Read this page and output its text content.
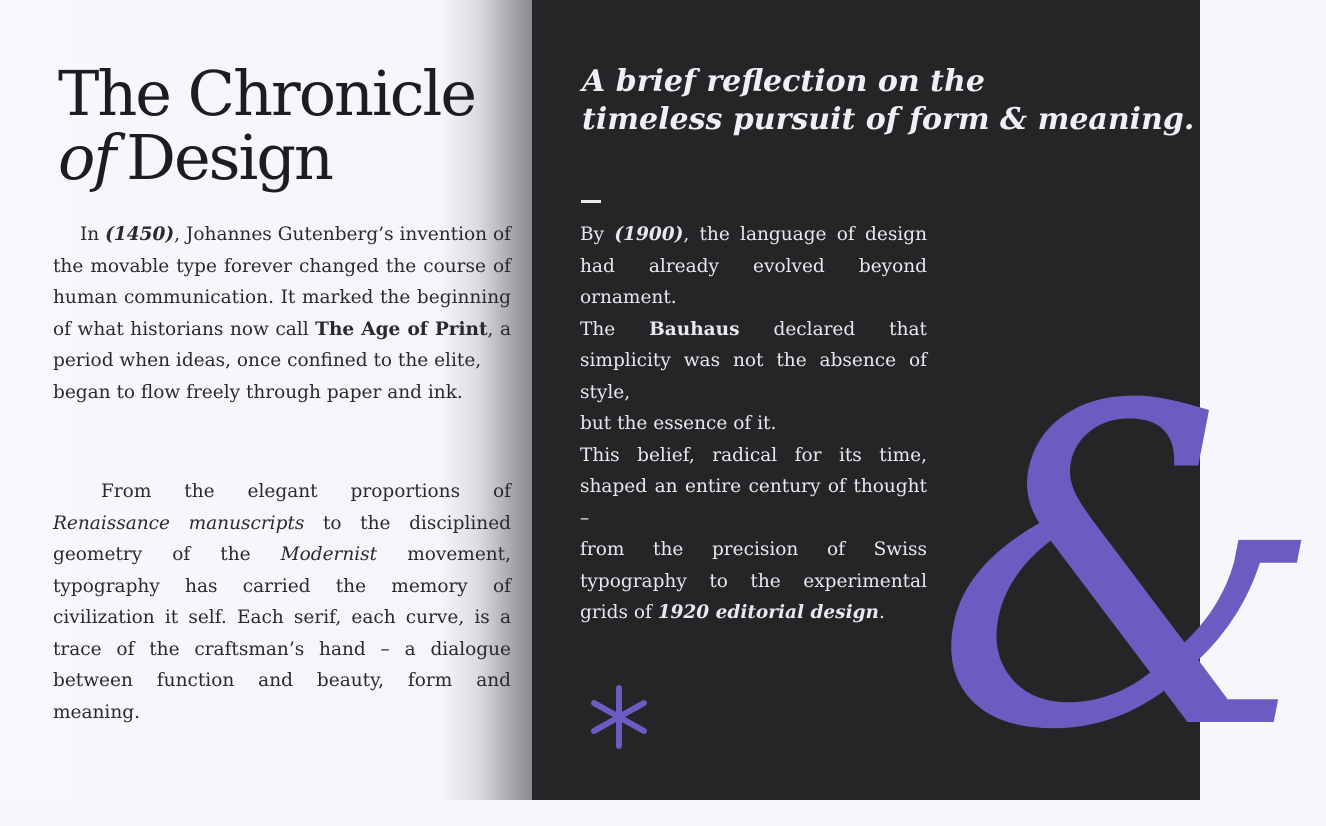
The Chronicle
of Design

In (1450), Johannes Gutenberg’s invention of the movable type forever changed the course of human communication. It marked the beginning of what historians now call The Age of Print, a period when ideas, once confined to the elite,
began to flow freely through paper and ink.

From the elegant proportions of Renaissance manuscripts to the disciplined geometry of the Modernist movement, typography has carried the memory of civilization it self. Each serif, each curve, is a trace of the craftsman’s hand – a dialogue between function and beauty, form and meaning.

A brief reflection on the
timeless pursuit of form & meaning.

By (1900), the language of design had already evolved beyond ornament.
The Bauhaus declared that simplicity was not the absence of style,
but the essence of it.
This belief, radical for its time, shaped an entire century of thought –
from the precision of Swiss typography to the experimental grids of 1920 editorial design. &
